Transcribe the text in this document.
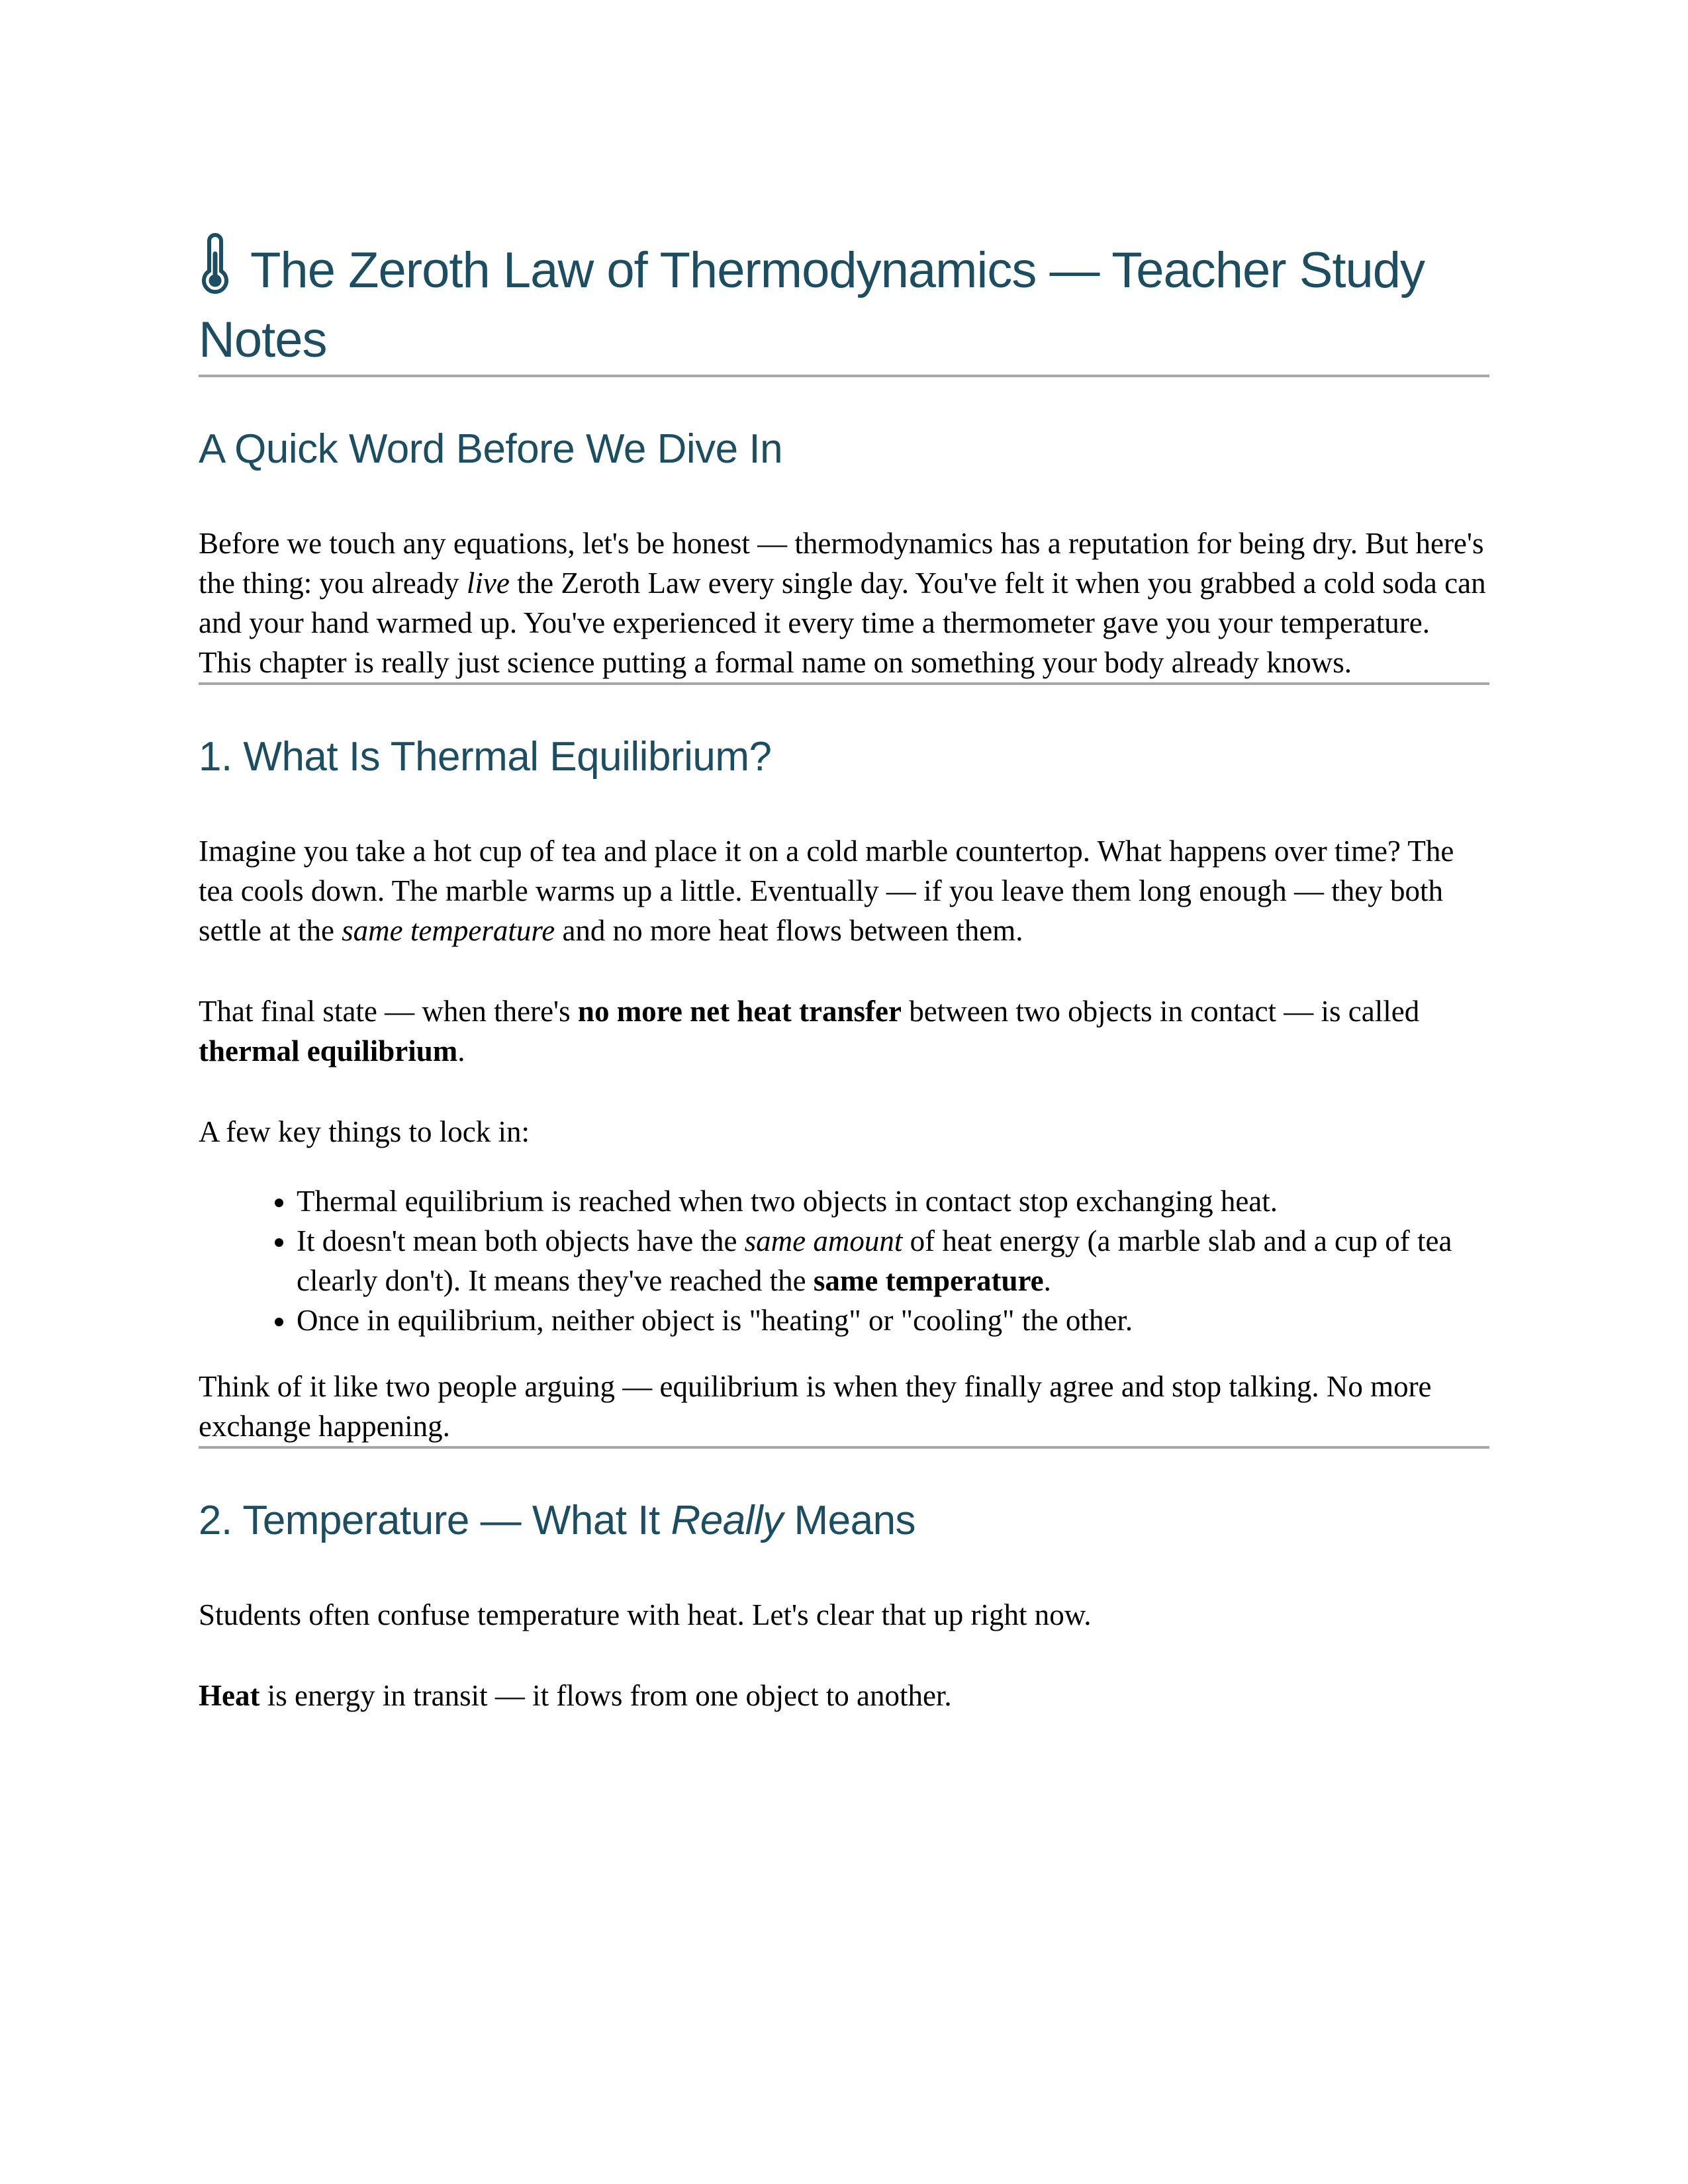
The Zeroth Law of Thermodynamics — Teacher Study Notes
A Quick Word Before We Dive In

Before we touch any equations, let's be honest — thermodynamics has a reputation for being dry. But here's the thing: you already live the Zeroth Law every single day. You've felt it when you grabbed a cold soda can and your hand warmed up. You've experienced it every time a thermometer gave you your temperature. This chapter is really just science putting a formal name on something your body already knows.

1. What Is Thermal Equilibrium?

Imagine you take a hot cup of tea and place it on a cold marble countertop. What happens over time? The tea cools down. The marble warms up a little. Eventually — if you leave them long enough — they both settle at the same temperature and no more heat flows between them.

That final state — when there's no more net heat transfer between two objects in contact — is called thermal equilibrium.

A few key things to lock in:

• Thermal equilibrium is reached when two objects in contact stop exchanging heat.
• It doesn't mean both objects have the same amount of heat energy (a marble slab and a cup of tea clearly don't). It means they've reached the same temperature.
• Once in equilibrium, neither object is "heating" or "cooling" the other.

Think of it like two people arguing — equilibrium is when they finally agree and stop talking. No more exchange happening.

2. Temperature — What It Really Means

Students often confuse temperature with heat. Let's clear that up right now.

Heat is energy in transit — it flows from one object to another.
